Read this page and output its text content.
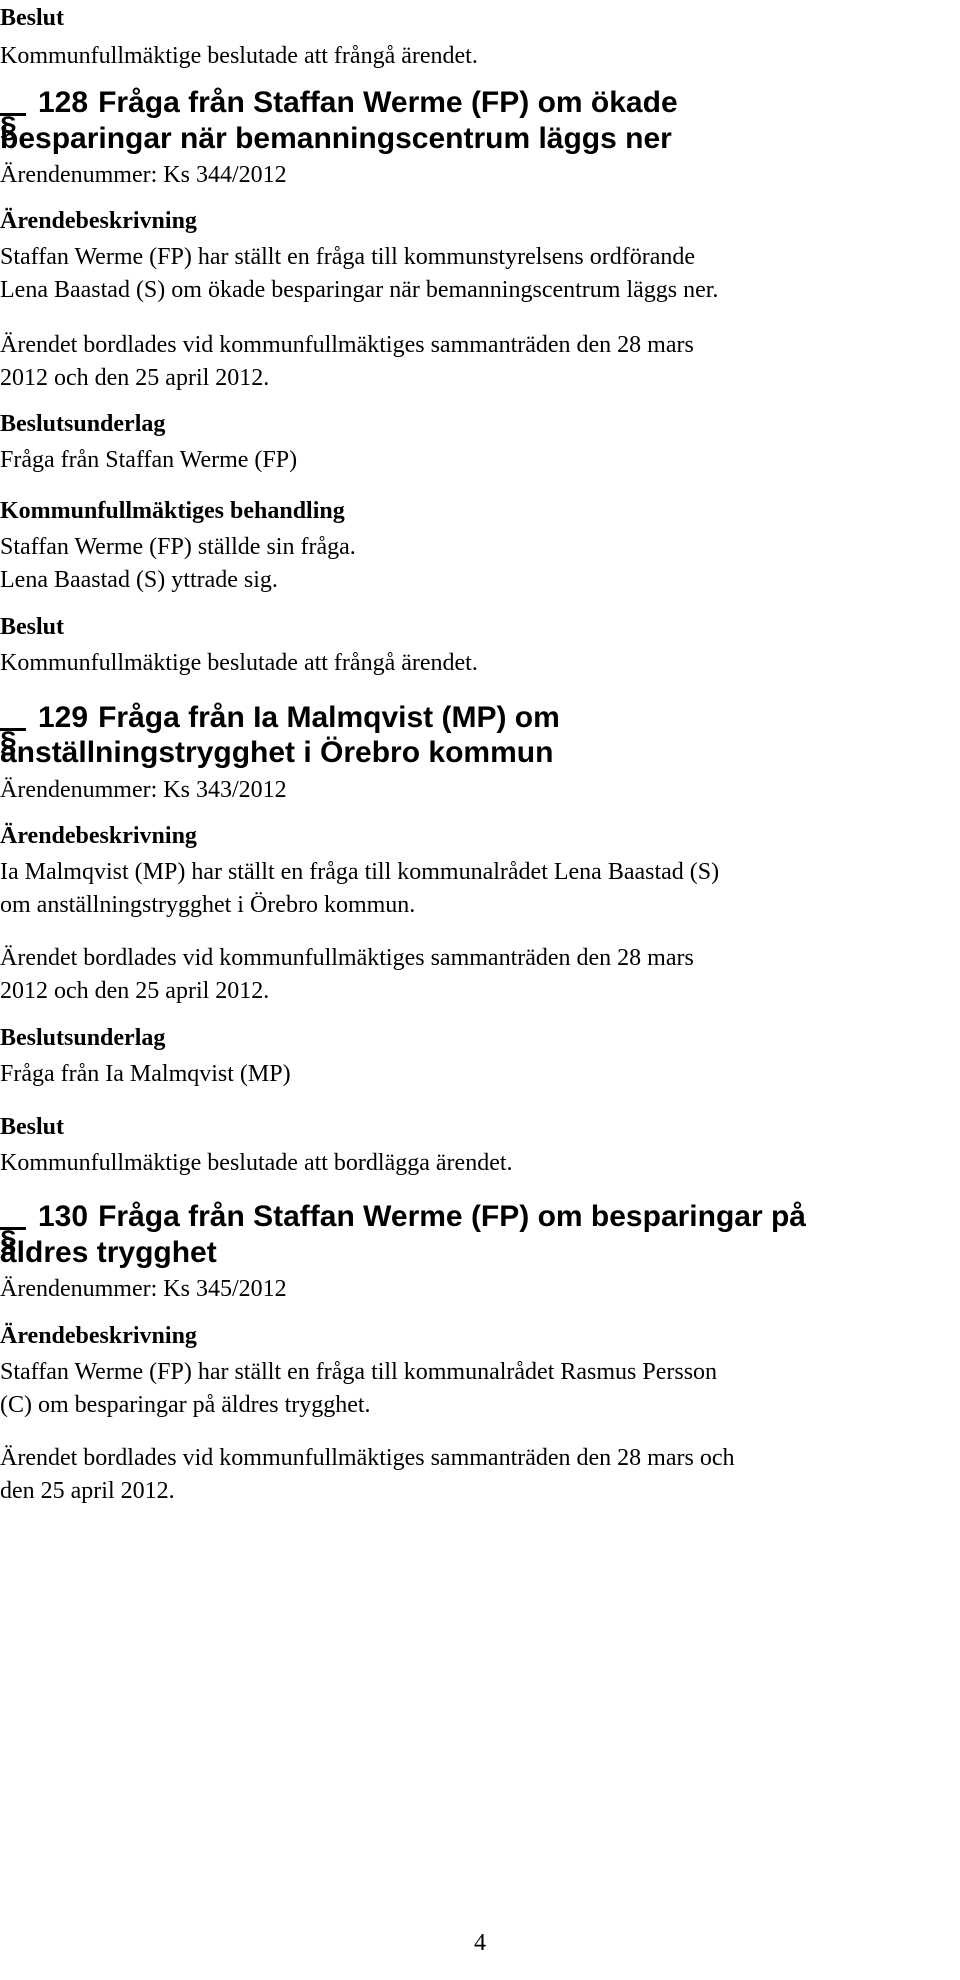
Beslut
Kommunfullmäktige beslutade att frångå ärendet.
128 Fråga från Staffan Werme (FP) om ökade
besparingar när bemanningscentrum läggs ner
Ärendenummer: Ks 344/2012
Ärendebeskrivning
Staffan Werme (FP) har ställt en fråga till kommunstyrelsens ordförande
Lena Baastad (S) om ökade besparingar när bemanningscentrum läggs ner.
Ärendet bordlades vid kommunfullmäktiges sammanträden den 28 mars
2012 och den 25 april 2012.
Beslutsunderlag
Fråga från Staffan Werme (FP)
Kommunfullmäktiges behandling
Staffan Werme (FP) ställde sin fråga.
Lena Baastad (S) yttrade sig.
Beslut
Kommunfullmäktige beslutade att frångå ärendet.
129 Fråga från Ia Malmqvist (MP) om
anställningstrygghet i Örebro kommun
Ärendenummer: Ks 343/2012
Ärendebeskrivning
Ia Malmqvist (MP) har ställt en fråga till kommunalrådet Lena Baastad (S)
om anställningstrygghet i Örebro kommun.
Ärendet bordlades vid kommunfullmäktiges sammanträden den 28 mars
2012 och den 25 april 2012.
Beslutsunderlag
Fråga från Ia Malmqvist (MP)
Beslut
Kommunfullmäktige beslutade att bordlägga ärendet.
130 Fråga från Staffan Werme (FP) om besparingar på
äldres trygghet
Ärendenummer: Ks 345/2012
Ärendebeskrivning
Staffan Werme (FP) har ställt en fråga till kommunalrådet Rasmus Persson
(C) om besparingar på äldres trygghet.
Ärendet bordlades vid kommunfullmäktiges sammanträden den 28 mars och
den 25 april 2012.
4
